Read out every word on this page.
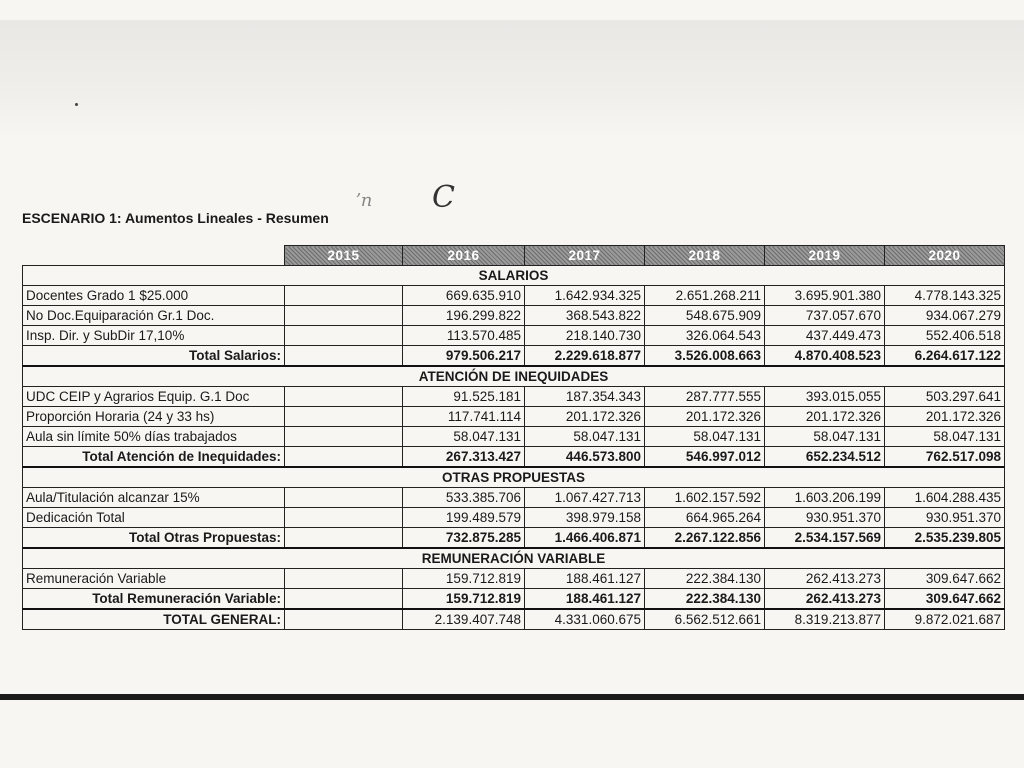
ʼn C
ESCENARIO 1: Aumentos Lineales - Resumen
	2015	2016	2017	2018	2019	2020
SALARIOS						
Docentes Grado 1 $25.000		669.635.910	1.642.934.325	2.651.268.211	3.695.901.380	4.778.143.325
No Doc.Equiparación Gr.1 Doc.		196.299.822	368.543.822	548.675.909	737.057.670	934.067.279
Insp. Dir. y SubDir 17,10%		113.570.485	218.140.730	326.064.543	437.449.473	552.406.518
Total Salarios:		979.506.217	2.229.618.877	3.526.008.663	4.870.408.523	6.264.617.122
ATENCIÓN DE INEQUIDADES						
UDC CEIP y Agrarios Equip. G.1 Doc		91.525.181	187.354.343	287.777.555	393.015.055	503.297.641
Proporción Horaria (24 y 33 hs)		117.741.114	201.172.326	201.172.326	201.172.326	201.172.326
Aula sin límite 50% días trabajados		58.047.131	58.047.131	58.047.131	58.047.131	58.047.131
Total Atención de Inequidades:		267.313.427	446.573.800	546.997.012	652.234.512	762.517.098
OTRAS PROPUESTAS						
Aula/Titulación alcanzar 15%		533.385.706	1.067.427.713	1.602.157.592	1.603.206.199	1.604.288.435
Dedicación Total		199.489.579	398.979.158	664.965.264	930.951.370	930.951.370
Total Otras Propuestas:		732.875.285	1.466.406.871	2.267.122.856	2.534.157.569	2.535.239.805
REMUNERACIÓN VARIABLE						
Remuneración Variable		159.712.819	188.461.127	222.384.130	262.413.273	309.647.662
Total Remuneración Variable:		159.712.819	188.461.127	222.384.130	262.413.273	309.647.662
TOTAL GENERAL:		2.139.407.748	4.331.060.675	6.562.512.661	8.319.213.877	9.872.021.687
